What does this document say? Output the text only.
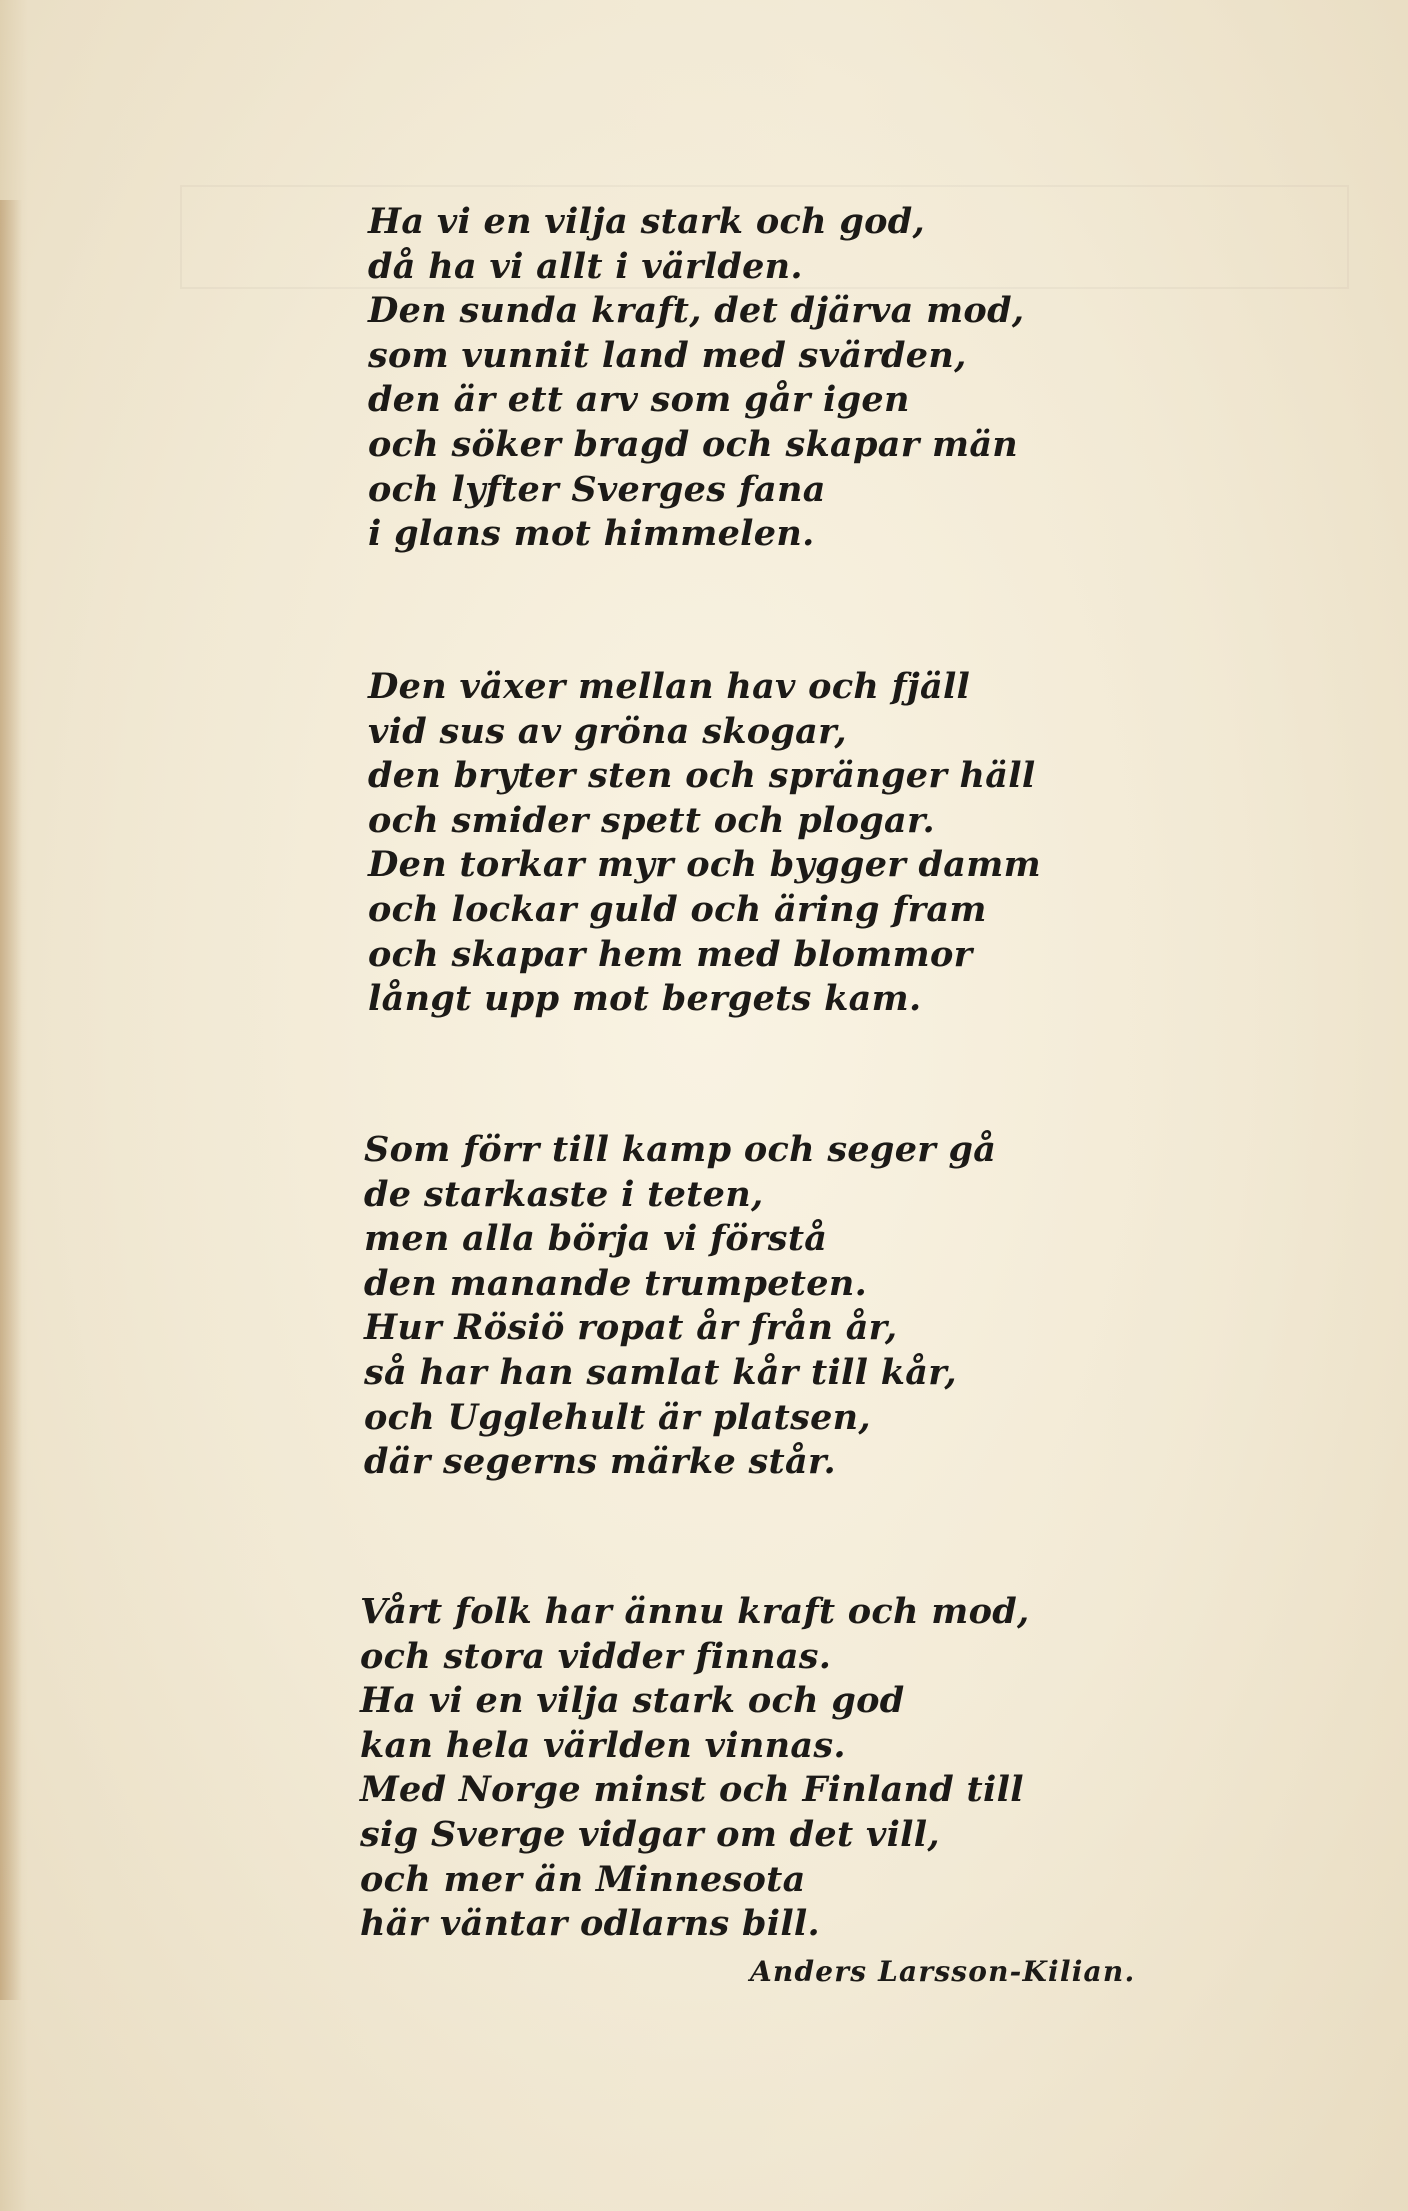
Ha vi en vilja stark och god,
då ha vi allt i världen.
Den sunda kraft, det djärva mod,
som vunnit land med svärden,
den är ett arv som går igen
och söker bragd och skapar män
och lyfter Sverges fana
i glans mot himmelen.
Den växer mellan hav och fjäll
vid sus av gröna skogar,
den bryter sten och spränger häll
och smider spett och plogar.
Den torkar myr och bygger damm
och lockar guld och äring fram
och skapar hem med blommor
långt upp mot bergets kam.
Som förr till kamp och seger gå
de starkaste i teten,
men alla börja vi förstå
den manande trumpeten.
Hur Rösiö ropat år från år,
så har han samlat kår till kår,
och Ugglehult är platsen,
där segerns märke står.
Vårt folk har ännu kraft och mod,
och stora vidder finnas.
Ha vi en vilja stark och god
kan hela världen vinnas.
Med Norge minst och Finland till
sig Sverge vidgar om det vill,
och mer än Minnesota
här väntar odlarns bill.
Anders Larsson-Kilian.
